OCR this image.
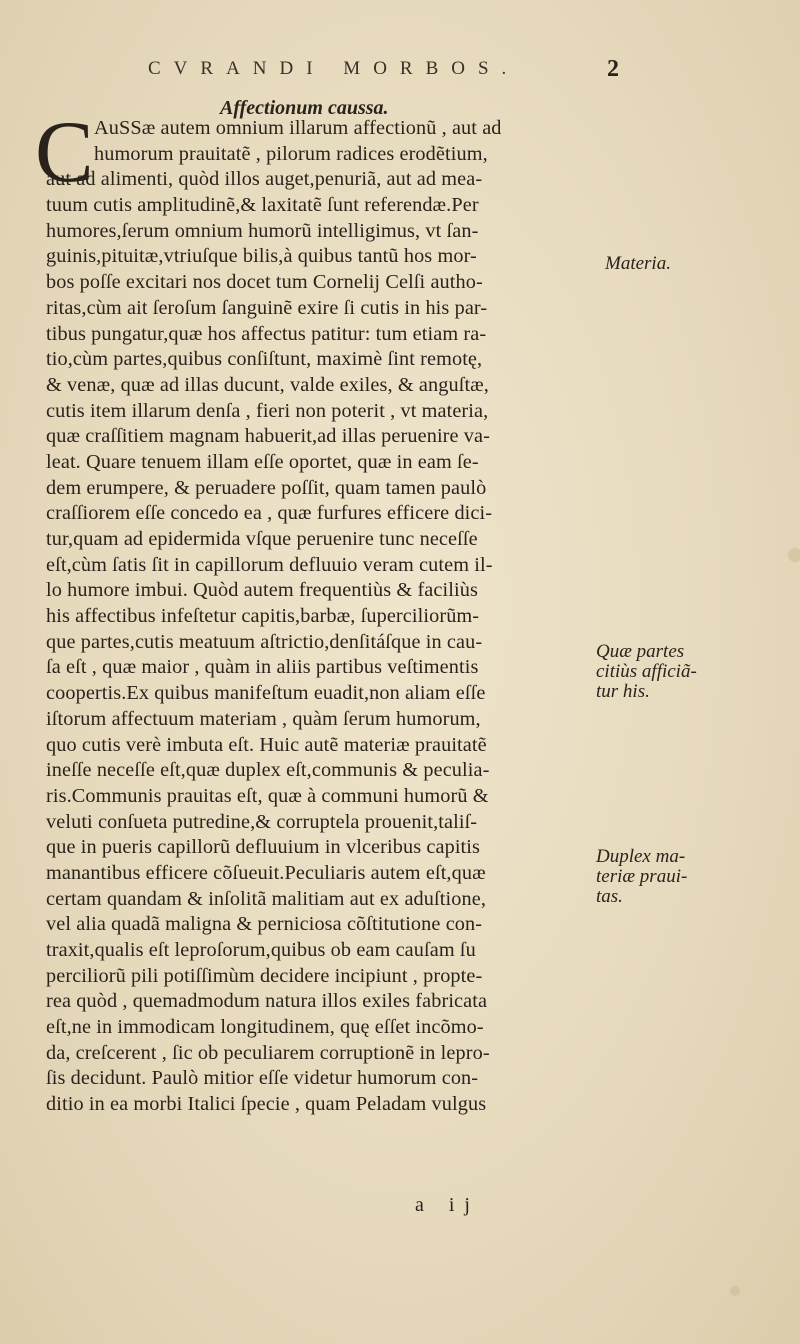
CVRANDI MORBOS.	2
Affectionum caussa.
C AuSSæ autem omnium illarum affectionũ , aut ad
humorum prauitatẽ , pilorum radices erodẽtium,
aut ad alimenti, quòd illos auget,penuriã, aut ad mea-
tuum cutis amplitudinẽ,& laxitatẽ ſunt referendæ.Per
humores,ſerum omnium humorũ intelligimus, vt ſan-
guinis,pituitæ,vtriuſque bilis,à quibus tantũ hos mor-
bos poſſe excitari nos docet tum Cornelij Celſi autho-
ritas,cùm ait ſeroſum ſanguinẽ exire ſi cutis in his par-
tibus pungatur,quæ hos affectus patitur: tum etiam ra-
tio,cùm partes,quibus conſiſtunt, maximè ſint remotę,
& venæ, quæ ad illas ducunt, valde exiles, & anguſtæ,
cutis item illarum denſa , fieri non poterit , vt materia,
quæ craſſitiem magnam habuerit,ad illas peruenire va-
leat. Quare tenuem illam eſſe oportet, quæ in eam ſe-
dem erumpere, & peruadere poſſit, quam tamen paulò
craſſiorem eſſe concedo ea , quæ furfures efficere dici-
tur,quam ad epidermida vſque peruenire tunc neceſſe
eſt,cùm ſatis ſit in capillorum defluuio veram cutem il-
lo humore imbui. Quòd autem frequentiùs & faciliùs
his affectibus infeſtetur capitis,barbæ, ſuperciliorũm-
que partes,cutis meatuum aſtrictio,denſitáſque in cau-
ſa eſt , quæ maior , quàm in aliis partibus veſtimentis
coopertis.Ex quibus manifeſtum euadit,non aliam eſſe
iſtorum affectuum materiam , quàm ſerum humorum,
quo cutis verè imbuta eſt. Huic autẽ materiæ prauitatẽ
ineſſe neceſſe eſt,quæ duplex eſt,communis & peculia-
ris.Communis prauitas eſt, quæ à communi humorũ &
veluti conſueta putredine,& corruptela prouenit,taliſ-
que in pueris capillorũ defluuium in vlceribus capitis
manantibus efficere cõſueuit.Peculiaris autem eſt,quæ
certam quandam & inſolitã malitiam aut ex aduſtione,
vel alia quadã maligna & perniciosa cõſtitutione con-
traxit,qualis eſt leproſorum,quibus ob eam cauſam ſu
perciliorũ pili potiſſimùm decidere incipiunt , propte-
rea quòd , quemadmodum natura illos exiles fabricata
eſt,ne in immodicam longitudinem, quę eſſet incõmo-
da, creſcerent , ſic ob peculiarem corruptionẽ in lepro-
ſis decidunt. Paulò mitior eſſe videtur humorum con-
ditio in ea morbi Italici ſpecie , quam Peladam vulgus
Materia.
Quæ partes
citiùs afficiã-
tur his.
Duplex ma-
teriæ praui-
tas.
a ij
